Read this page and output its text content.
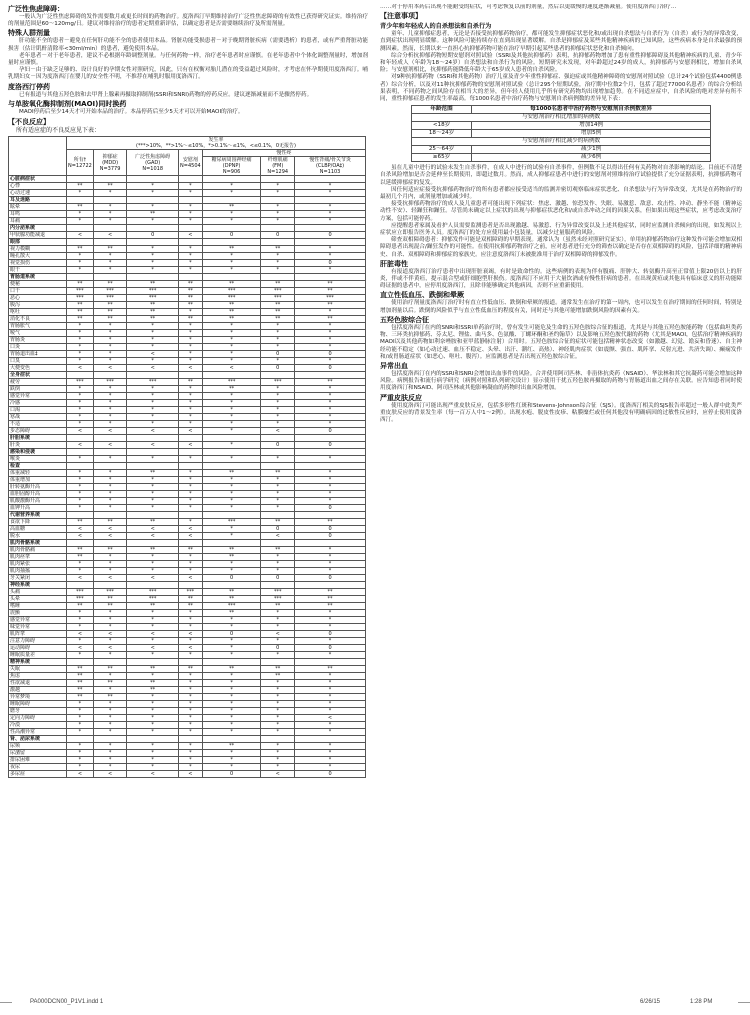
广泛性焦虑障碍：
一般认为广泛性焦虑障碍的发作需要数月或更长时间的药物治疗。度洛西汀早期维持治疗广泛性焦虑障碍的有效性已获得研究证实。维持治疗的剂量范围是60～120mg/日。建议对维持治疗的患者定期重新评估，以确定患者是否需要继续治疗及所需剂量。
特殊人群剂量
肝功能不全的患者－避免在任何肝功能不全的患者使用本品。肾脏功能受损患者－对于晚期肾脏疾病（需要透析）的患者，或有严重肾脏功能损害（估计肌酐清除率<30ml/min）的患者，避免使用本品。
老年患者－对于老年患者，建议不必根据年龄调整剂量。与任何药物一样，治疗老年患者时应谨慎。在老年患者中个体化调整剂量时，增加剂量时应谨慎。
孕妇－由于缺乏足够的、设计良好的孕期女性对照研究，因此，只有在权衡对胎儿潜在的受益超过风险时，才考虑在怀孕期使用度洛西汀。哺乳期妇女－因为度洛西汀在婴儿的安全性不明，不推荐在哺乳时服用度洛西汀。
度洛西汀停药
已有报道与其他五羟色胺和去甲肾上腺素再摄取抑制剂(SSRI和SNRI)药物的停药反应。建议逐渐减量而不是骤然停药。
与单胺氧化酶抑制剂(MAOI)同时换药
MAOI停药后至少14天才可开始本品的治疗。本品停药后至少5天才可以开始MAOI的治疗。
【不良反应】
所有适应症的不良反应见下表：
	发生率
(***>10%，**>1%～≤10%，*>0.1%～≤1%，<≤0.1%，0无报告)						
	所有†
N=12722	抑郁症(MDD)
N=3779	广泛性焦虑障碍(GAD)
N=1018	安慰剂
N=4504	慢性疼		
					糖尿病周围神经痛(DPNP)
N=906	纤维肌痛(FM)
N=1294	慢性背痛/骨关节炎(CLBP/OA‡)
N=1103
心脏病症状							
心悸	**	**	*	*	*	*	*
心动过速	*	*	*	*	*	*	*
耳及迷路							
眩晕	**	*	*	*	**	*	*
耳鸣	*	*	**	*	*	*	*
耳痛	*	*	*	*	*	*	*
内分泌系统							
甲状腺功能减退	<	<	0	<	0	0	0
眼部							
视力模糊	**	**	*	*	**	**	*
瞳孔散大	*	*	*	*	*	*	*
视觉损伤	*	*	*	*	*	*	0
眼干	*	*	*	*	*	*	*
胃肠道系统							
便秘	**	**	**	**	**	**	**
口干	***	***	***	**	***	***	**
恶心	***	***	***	**	***	***	***
腹泻	**	**	**	**	**	**	**
呕吐	**	**	**	*	**	**	*
消化不良	**	**	**	**	**	**	**
胃肠胀气	*	*	*	*	*	*	*
嗳气	*	*	*	*	*	*	*
胃肠炎	*	*	*	*	*	*	*
口炎	*	*	*	*	*	*	*
胃肠道出血‡	*	*	<	*	*	0	0
口臭	*	*	*	*	*	*	*
大便变色	<	<	<	<	<	0	0
全身症状							
疲劳	***	***	***	**	***	***	**
跌倒	*	*	*	*	**	*	*
感觉异常	*	*	*	*	*	*	*
冷感	*	*	*	*	*	*	*
口渴	*	*	*	*	*	*	*
寒战	*	*	*	*	*	*	*
不适	*	*	*	*	*	*	*
步态障碍	<	<	<	<	*	<	0
肝胆系统							
肝炎	<	<	<	<	*	0	0
感染和侵袭							
喉炎	*	*	*	*	*	*	*
检查							
体重减轻	*	*	**	*	**	**	*
体重增加	*	*	*	*	*	*	*
肝转氨酶升高	*	*	*	*	*	*	*
血胆固醇升高	*	*	*	*	*	*	*
肌酸激酶升高	*	*	*	*	*	*	*
血钾升高	*	*	*	*	*	*	0
代谢营养系统							
食欲下降	**	**	**	*	***	**	**
高血糖	<	<	<	<	*	0	0
脱水	<	<	<	<	*	<	0
肌肉骨骼系统							
肌肉骨骼痛	**	**	**	**	**	**	*
肌肉痉挛	**	*	*	*	**	*	*
肌肉紧张	*	*	*	*	*	*	*
肌肉抽搐	*	*	*	*	*	*	*
牙关紧闭	<	<	<	<	0	0	0
神经系统							
头痛	***	***	***	***	**	***	**
头晕	***	**	***	**	**	***	**
嗜睡	**	**	**	**	***	**	**
震颤	*	*	*	*	**	*	*
感觉异常	*	*	*	*	*	*	*
味觉异常	*	*	*	*	*	*	*
肌阵挛	<	<	<	<	0	<	0
注意力障碍	*	*	*	*	*	*	*
运动障碍	<	<	<	<	*	0	0
睡眠质量差	*	*	*	*	*	*	*
精神系统							
失眠	**	**	**	**	**	**	**
焦虑	**	*	*	*	*	**	*
性欲减退	**	**	**	*	*	*	*
激越	**	*	**	*	*	*	*
异常梦境	**	**	*	*	*	*	*
睡眠障碍	*	*	*	*	*	*	*
磨牙	*	*	*	*	*	*	*
定向力障碍	*	*	*	*	*	*	<
冷漠	*	*	*	*	*	*	*
性高潮异常	*	*	*	*	*	*	*
肾、泌尿系统							
尿频	*	*	*	*	**	*	*
尿潴留	*	*	*	*	*	*	*
排尿困难	*	*	*	*	*	*	*
夜尿	*	*	*	*	*	*	*
多尿症	<	<	<	<	0	<	0
……对于停用本药后出现不能耐受的症状，可考虑恢复以前的剂量，然后以更缓慢的速度逐渐减量。使用度洛西汀治疗…
【注意事项】
青少年和年轻成人的自杀想法和自杀行为
童年、儿童抑郁症患者，无论是否接受抗抑郁药物治疗，都可能发生抑郁症状恶化和/或出现自杀想法与自杀行为（自杀）或行为的异常改变，直到症状出现明显缓解。这种风险可能持续存在直到出现显著缓解。自杀是抑郁症及某些其他精神疾病的已知风险，这些疾病本身是自杀最强的预测因素。然而，长期以来一直担心抗抑郁药物可能在治疗早期引起某些患者的抑郁症状恶化和自杀倾向。
综合分析抗抑郁药物短期安慰剂对照试验（SSRI及其他抗抑郁药）表明，抗抑郁药物增加了患有重性抑郁障碍及其他精神疾病的儿童、青少年和年轻成人（年龄为18～24岁）自杀想法和自杀行为的风险。短期研究未发现，对年龄超过24岁的成人，抗抑郁药与安慰剂相比，增加自杀风险；与安慰剂相比，抗抑郁药能降低年龄大于65岁成人患者的自杀风险。
对9种抗抑郁药物（SSRI和其他药物）治疗儿童及青少年重性抑郁症、强迫症或其他精神障碍的安慰剂对照试验（总计24个试验包括4400例患者）综合分析，以及对11种抗抑郁药物的安慰剂对照试验（总计295个短期试验，治疗期中位数2个月，包括了超过77000名患者）的综合分析结果表明，不同药物之间风险存在相当大的差异，但年轻人使用几乎所有研究药物均出现增加趋势。在不同适应症中，自杀风险的绝对差异有所不同，重性抑郁症患者的发生率最高。每1000名患者中治疗药物与安慰剂自杀病例数的差异见下表：
年龄范围	每1000名患者中治疗药物与安慰剂自杀例数差异
与安慰剂治疗相比增加的病例数	
<18岁	增加14例
18～24岁	增加5例
与安慰剂治疗相比减少的病例数	
25～64岁	减少1例
≥65岁	减少6例
虽在儿童中进行的试验未发生自杀事件，在成人中进行的试验有自杀事件，但例数不足以得出任何有关药物对自杀影响的结论。目前还不清楚自杀风险增加是否会延伸至长期使用，即超过数月。然而，成人抑郁症患者中进行的安慰剂对照维持治疗试验提供了充分证据表明，抗抑郁药物可以延缓抑郁症的复发。
因任何适应症接受抗抑郁药物治疗的所有患者都应接受适当的监测并密切观察临床症状恶化、自杀想法与行为异常改变，尤其是在药物治疗的最初几个月内，或剂量增加或减少时。
接受抗抑郁药物治疗的成人及儿童患者可能出现下列症状：焦虑、激越、惊恐发作、失眠、易激惹、敌意、攻击性、冲动、静坐不能（精神运动性不安）、轻躁狂和躁狂。尽管尚未确定以上症状的出现与抑郁症状恶化和/或自杀冲动之间的因果关系，但如果出现这些症状，应考虑改变治疗方案，包括可能停药。
应提醒患者家属及看护人员需要监测患者是否出现激越、易激惹、行为异常改变以及上述其他症状，同时应监测自杀倾向的出现，如发现以上症状应立即报告医务人员。度洛西汀的处方应使用最小包装量，以减少过量服药的风险。
筛查双相障碍患者：抑郁发作可能是双相障碍的早期表现。通常认为（虽然未经对照研究证实），单用抗抑郁药物治疗这种发作可能会增加双相障碍患者出现混合/躁狂发作的可能性。在使用抗抑郁药物治疗之前，应对患者进行充分的筛查以确定是否存在双相障碍的风险，包括详细的精神病史、自杀、双相障碍和抑郁症的家族史。应注意度洛西汀未被批准用于治疗双相障碍的抑郁发作。
肝脏毒性
有报道度洛西汀治疗患者中出现肝脏衰竭，有时是致命性的。这些病例的表现为伴有腹痛、肝肿大、转氨酶升高至正常值上限20倍以上的肝炎，伴或不伴黄疸，提示混合型或肝细胞型肝损伤。度洛西汀不应用于大量饮酒或有慢性肝病的患者。在出现黄疸或其他具有临床意义的肝功能障碍证据的患者中，应停用度洛西汀，且除非能够确定其他病因，否则不应重新使用。
直立性低血压、跌倒和晕厥
使用治疗剂量度洛西汀治疗时有直立性低血压、跌倒和晕厥的报道。通常发生在治疗的第一周内，也可以发生在治疗期间的任何时间，特别是增加剂量以后。跌倒的风险似乎与直立性低血压的程度有关，同时还与其他可能增加跌倒风险的因素有关。
五羟色胺综合征
包括度洛西汀在内的SNRI和SSRI单药治疗时，曾有发生可能危及生命的五羟色胺综合征的报道，尤其是与其他五羟色胺能药物（包括曲坦类药物、三环类抗抑郁药、芬太尼、锂盐、曲马多、色氨酸、丁螺环酮和圣约翰草）以及影响五羟色胺代谢的药物（尤其是MAOI，包括治疗精神疾病的MAOI以及其他药物如利奈唑胺和亚甲蓝静脉注射）合用时。五羟色胺综合征的症状可能包括精神状态改变（如激越、幻觉、谵妄和昏迷）、自主神经功能不稳定（如心动过速、血压不稳定、头晕、出汗、潮红、高热）、神经肌肉症状（如震颤、强直、肌阵挛、反射亢进、共济失调）、癫痫发作和/或胃肠道症状（如恶心、呕吐、腹泻）。应监测患者是否出现五羟色胺综合征。
异常出血
包括度洛西汀在内的SSRI和SNRI会增加出血事件的风险。合并使用阿司匹林、非甾体抗炎药（NSAID）、华法林和其它抗凝药可能会增加这种风险。病例报告和流行病学研究（病例对照和队列研究设计）显示使用干扰五羟色胺再摄取的药物与胃肠道出血之间存在关联。应告知患者同时使用度洛西汀和NSAID、阿司匹林或其他影响凝血的药物时出血风险增加。
严重皮肤反应
使用度洛西汀可能出现严重皮肤反应，包括多形性红斑和Stevens-Johnson综合征（SJS）。度洛西汀相关的SJS报告率超过一般人群中此类严重皮肤反应的背景发生率（每一百万人中1～2例）。出现水疱、脱皮性皮疹、粘膜糜烂或任何其他没有明确病因的过敏性反应时，应停止使用度洛西汀。
PA000DCN00_P1V1.indd 1	6/26/15	1:28 PM
